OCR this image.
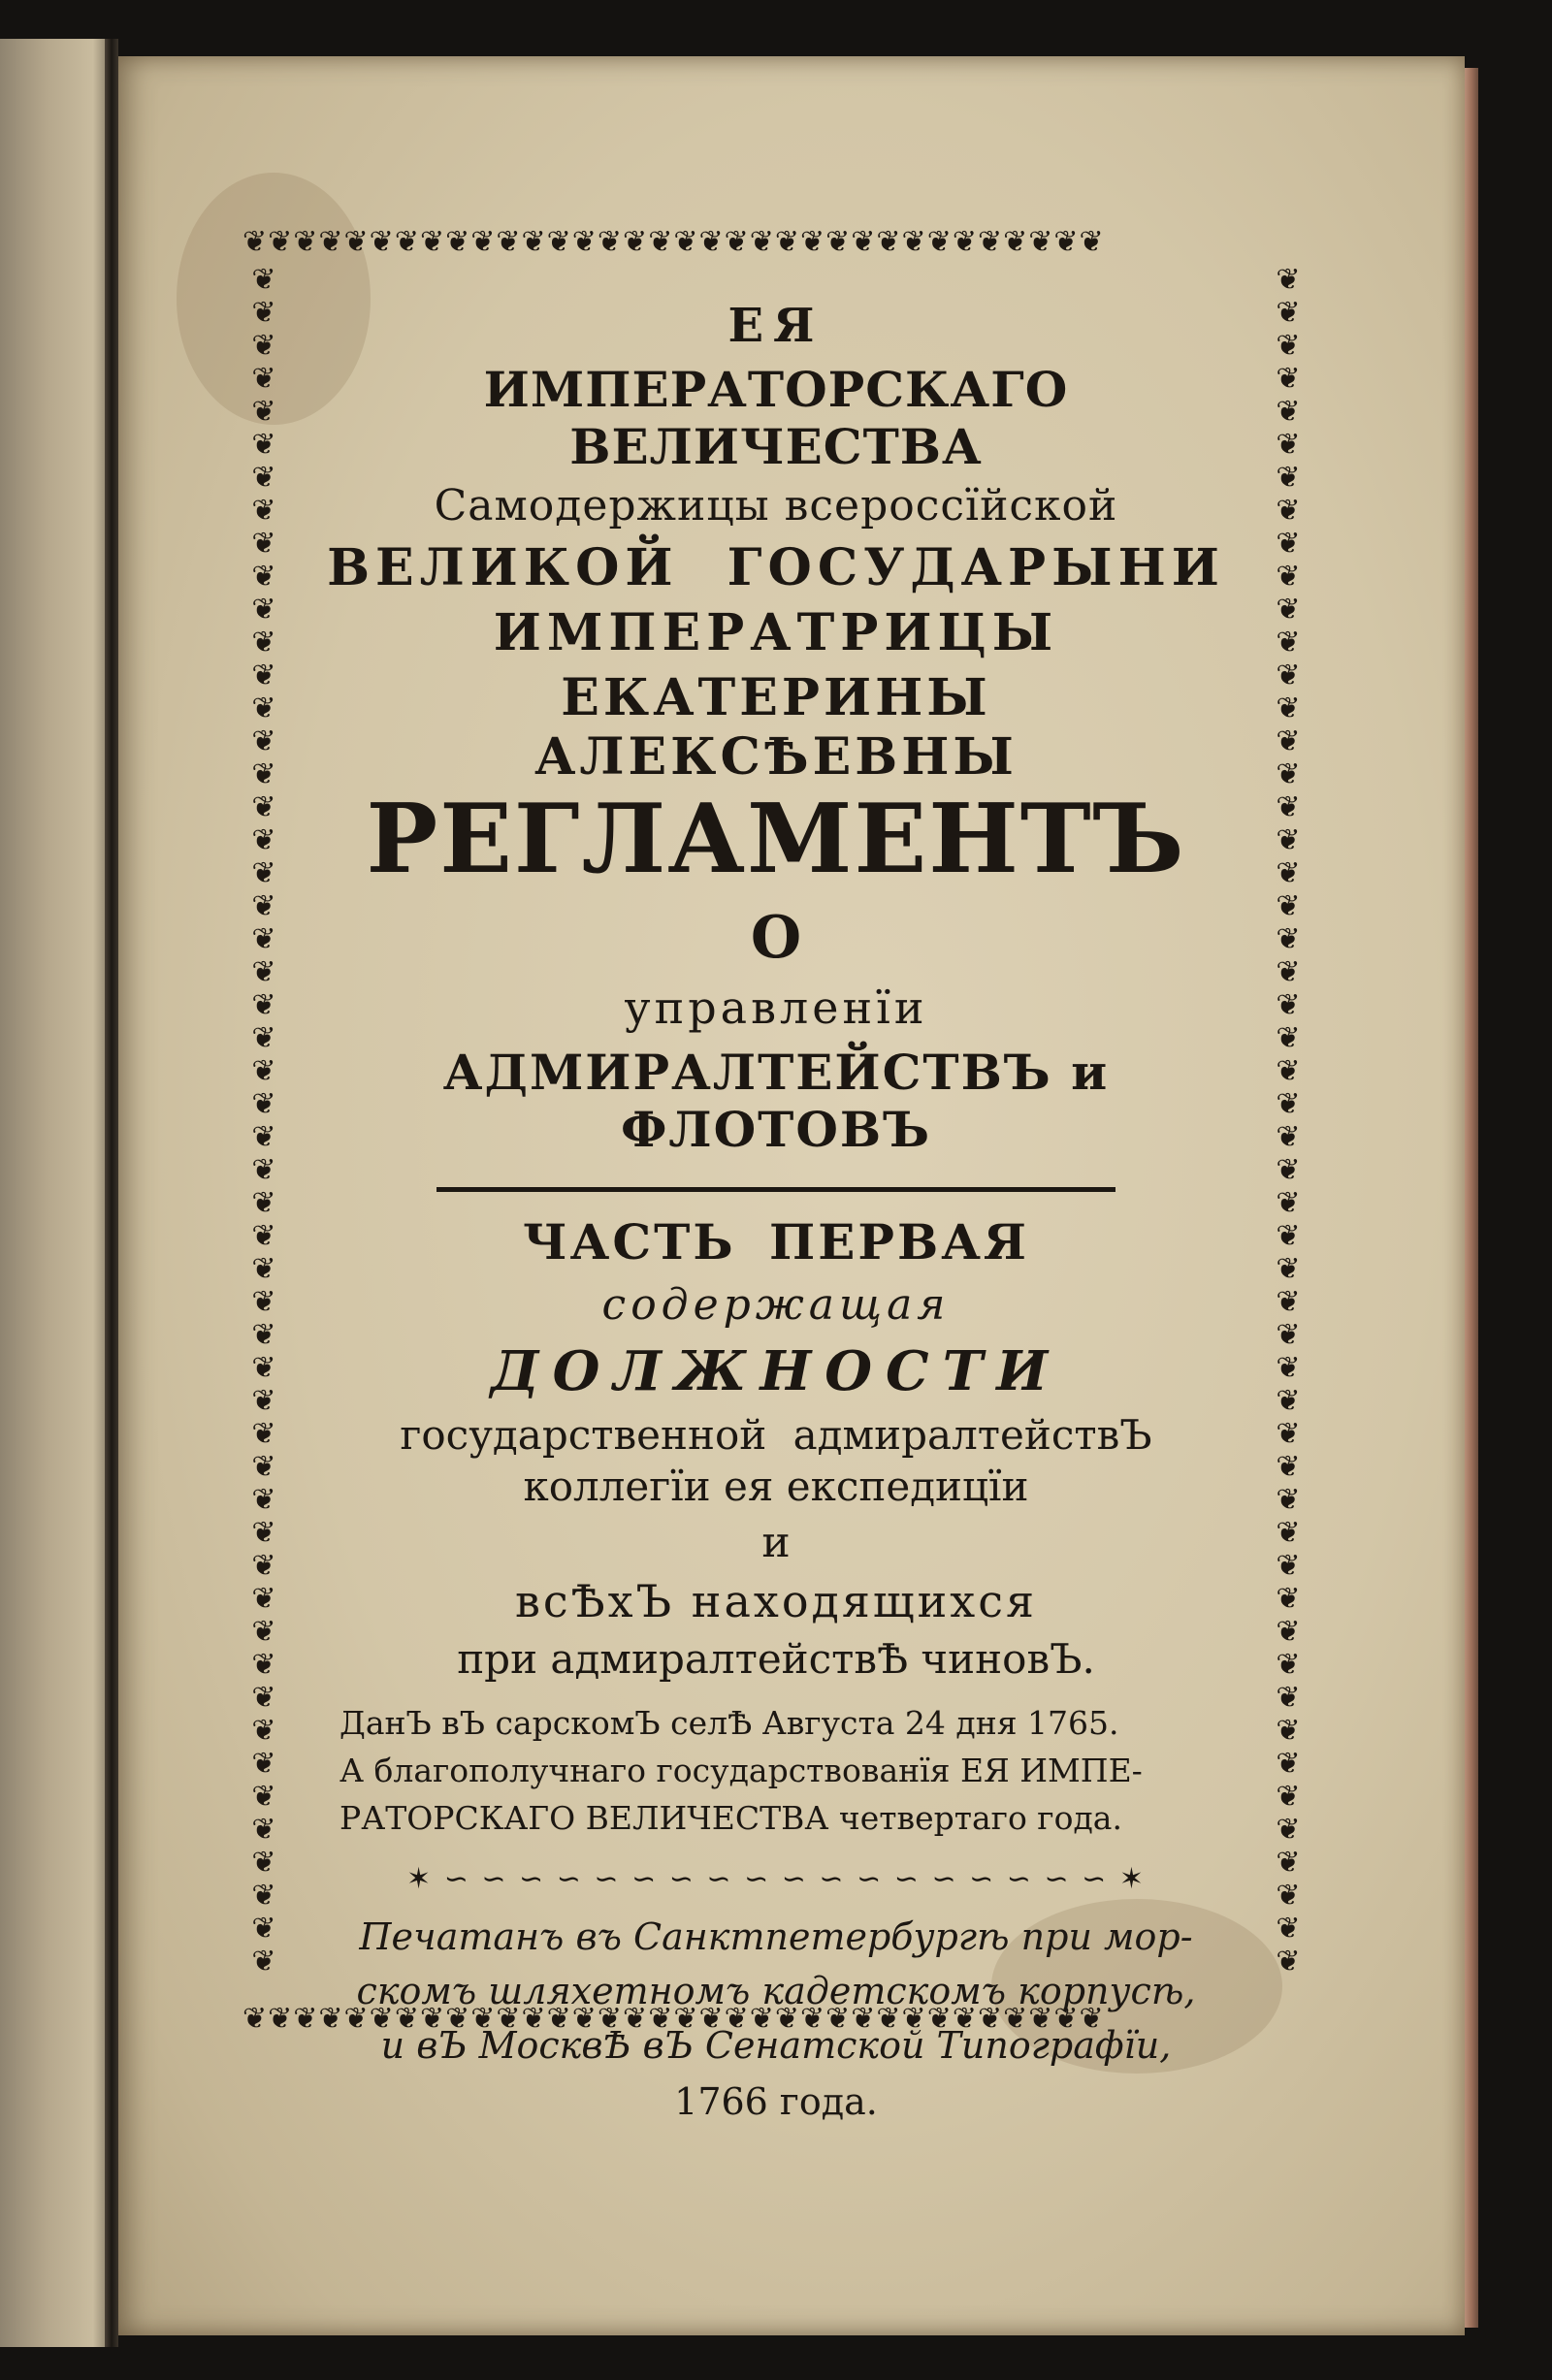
❦❦❦❦❦❦❦❦❦❦❦❦❦❦❦❦❦❦❦❦❦❦❦❦❦❦❦❦❦❦❦❦❦❦
❦❦❦❦❦❦❦❦❦❦❦❦❦❦❦❦❦❦❦❦❦❦❦❦❦❦❦❦❦❦❦❦❦❦
❦❦❦❦❦❦❦❦❦❦❦❦❦❦❦❦❦❦❦❦❦❦❦❦❦❦❦❦❦❦❦❦❦❦❦❦❦❦❦❦❦❦❦❦❦❦❦❦❦❦❦❦
❦❦❦❦❦❦❦❦❦❦❦❦❦❦❦❦❦❦❦❦❦❦❦❦❦❦❦❦❦❦❦❦❦❦❦❦❦❦❦❦❦❦❦❦❦❦❦❦❦❦❦❦
ЕЯ
ИМПЕРАТОРСКАГО ВЕЛИЧЕСТВА
Самодержицы всероссїйской
ВЕЛИКОЙ ГОСУДАРЫНИ
ИМПЕРАТРИЦЫ
ЕКАТЕРИНЫ АЛЕКСѢЕВНЫ
РЕГЛАМЕНТЪ
О
управленїи
АДМИРАЛТЕЙСТВЪ и ФЛОТОВЪ
ЧАСТЬ ПЕРВАЯ
содержащая
ДОЛЖНОСТИ
государственной адмиралтействЪ
коллегїи ея експедицїи
и
всѢхЪ находящихся
при адмиралтействѢ чиновЪ.
ДанЪ вЪ сарскомЪ селѢ Августа 24 дня 1765.
А благополучнаго государствованїя ЕЯ ИМПЕ-
РАТОРСКАГО ВЕЛИЧЕСТВА четвертаго года.
✶ ∽ ∽ ∽ ∽ ∽ ∽ ∽ ∽ ∽ ∽ ∽ ∽ ∽ ∽ ∽ ∽ ∽ ∽ ✶
Печатанъ въ Санктпетербургѣ при мор-
скомъ шляхетномъ кадетскомъ корпусѣ,
и вЪ МосквѢ вЪ Сенатской Типографїи,
1766 года.
